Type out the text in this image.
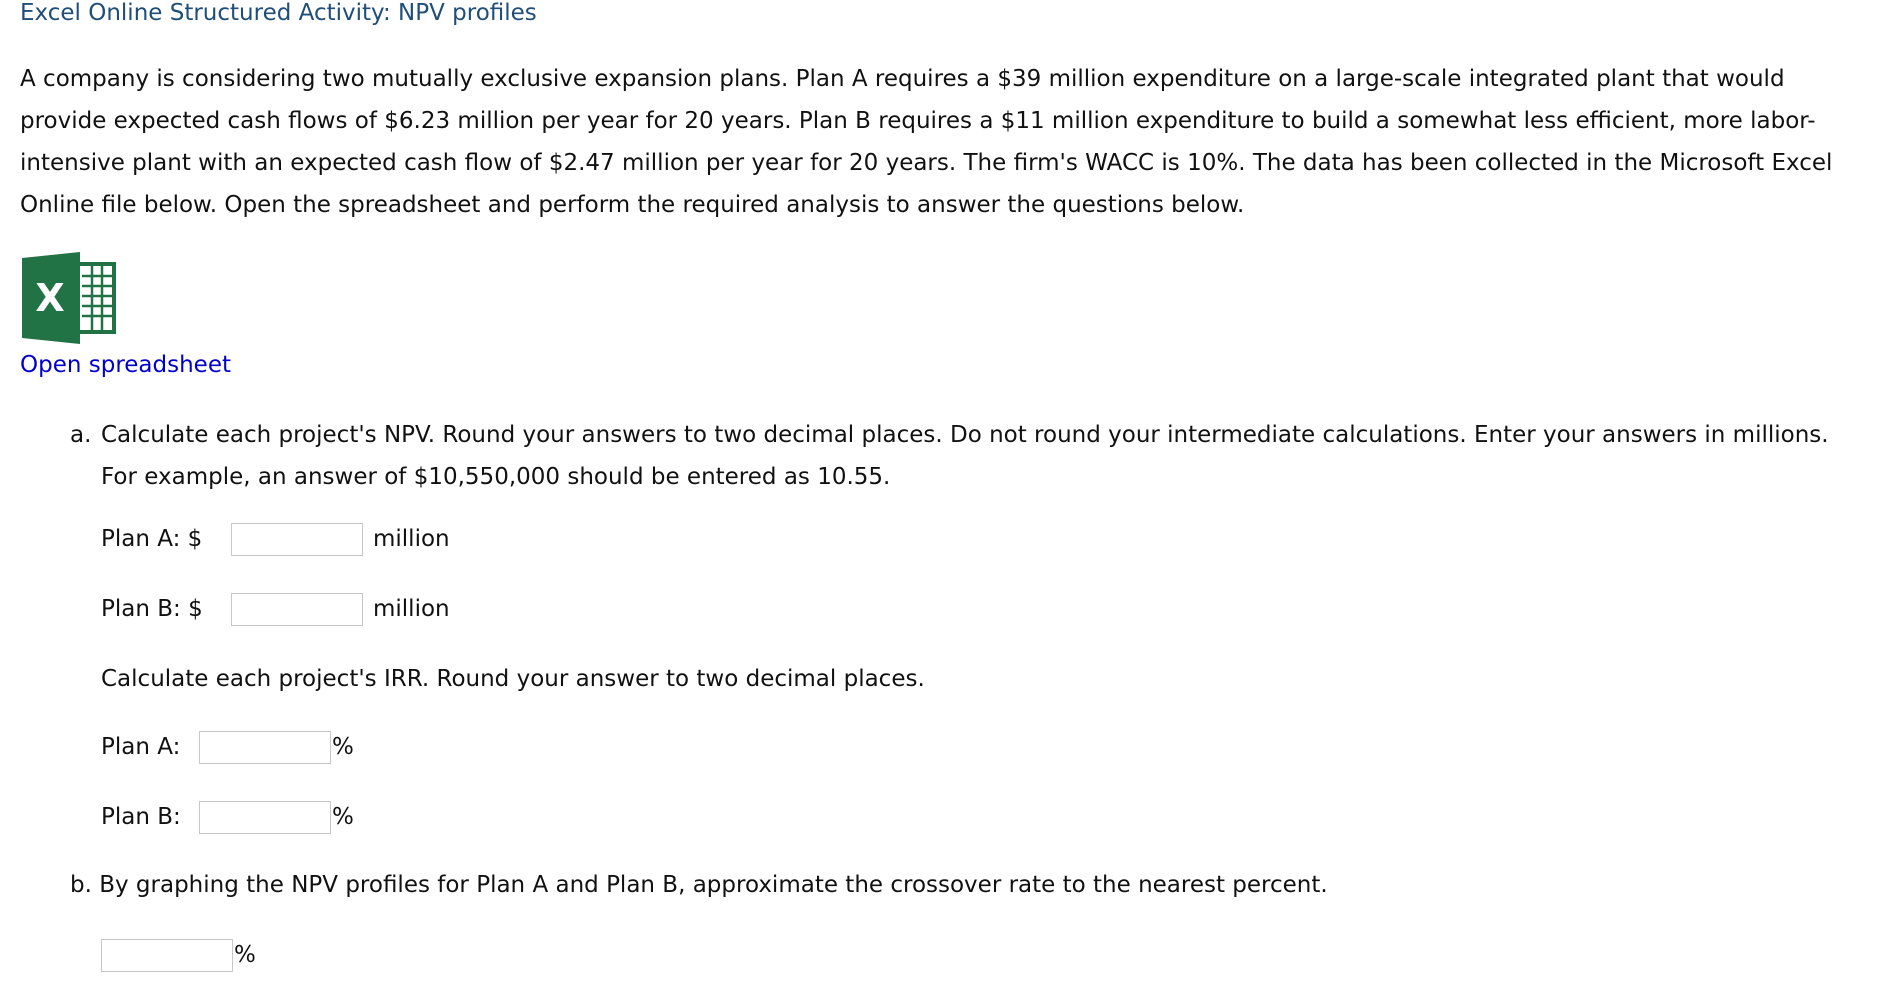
Excel Online Structured Activity: NPV profiles
A company is considering two mutually exclusive expansion plans. Plan A requires a $39 million expenditure on a large-scale integrated plant that would provide expected cash flows of $6.23 million per year for 20 years. Plan B requires a $11 million expenditure to build a somewhat less efficient, more labor-intensive plant with an expected cash flow of $2.47 million per year for 20 years. The firm's WACC is 10%. The data has been collected in the Microsoft Excel Online file below. Open the spreadsheet and perform the required analysis to answer the questions below.
X
Open spreadsheet
a. Calculate each project's NPV. Round your answers to two decimal places. Do not round your intermediate calculations. Enter your answers in millions. For example, an answer of $10,550,000 should be entered as 10.55.
Plan A: $	million
Plan B: $	million
Calculate each project's IRR. Round your answer to two decimal places.
Plan A:	%
Plan B:	%
b. By graphing the NPV profiles for Plan A and Plan B, approximate the crossover rate to the nearest percent.
%
